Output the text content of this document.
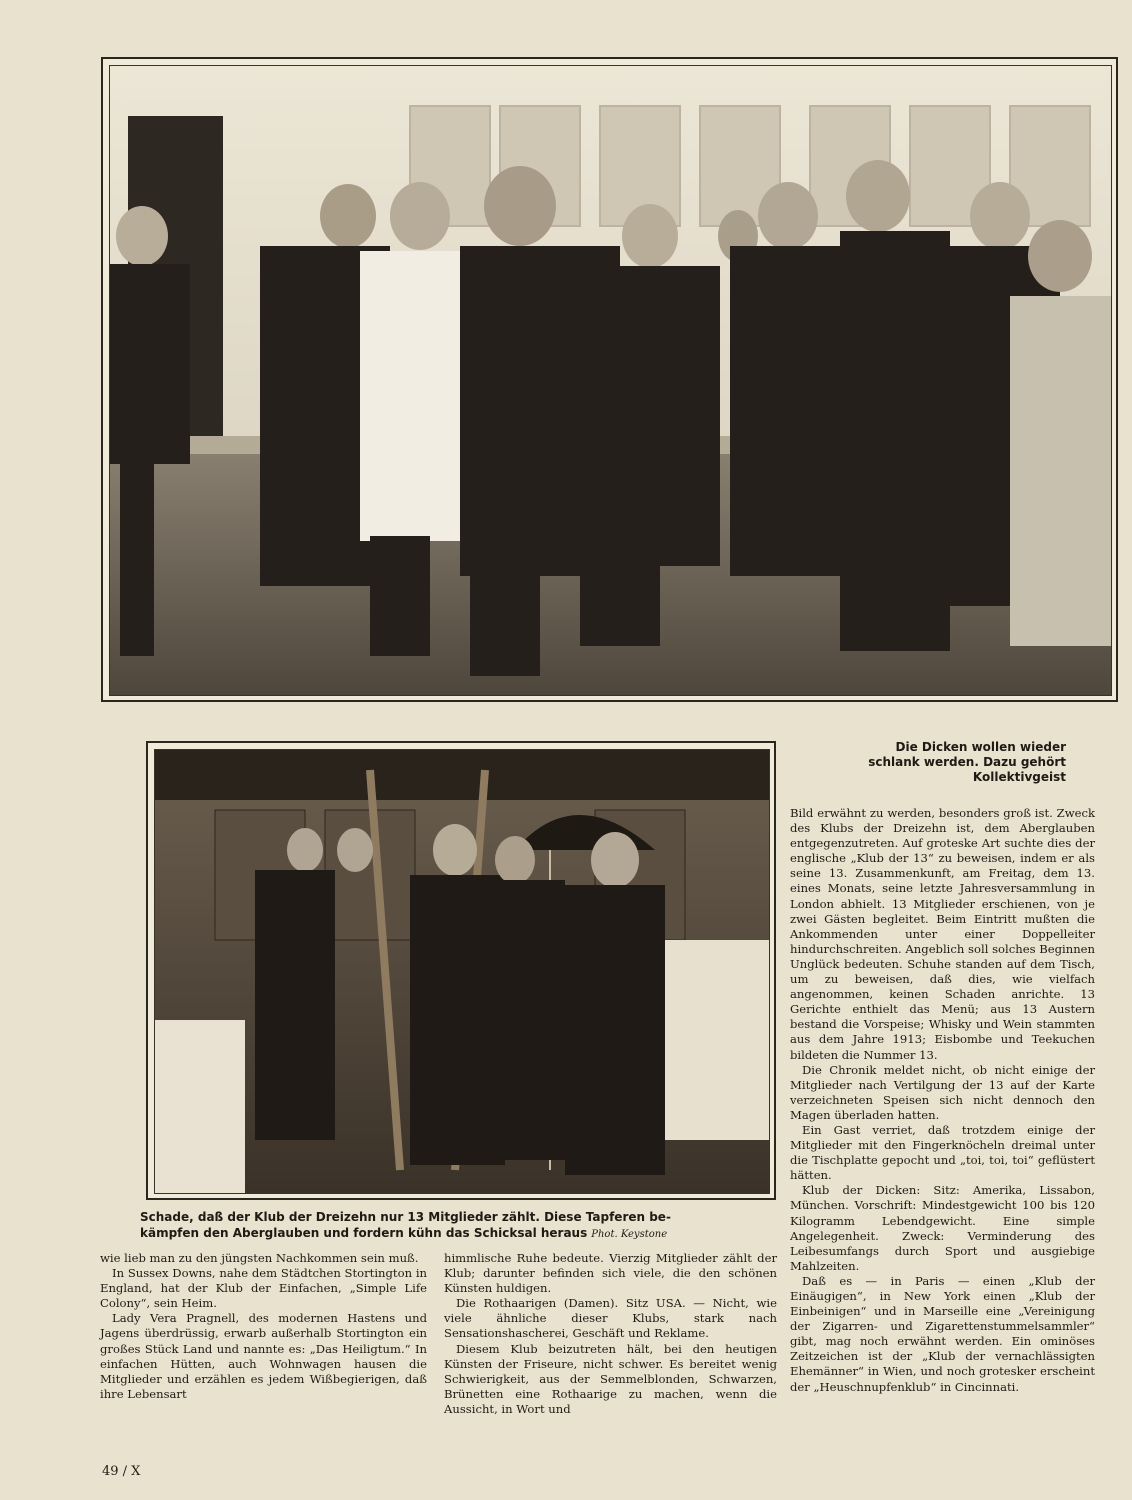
Die Dicken wollen wieder
schlank werden. Dazu gehört
Kollektivgeist

Bild erwähnt zu werden, besonders groß ist. Zweck des Klubs der Dreizehn ist, dem Aberglauben entgegenzutreten. Auf groteske Art suchte dies der englische „Klub der 13“ zu beweisen, indem er als seine 13. Zusammenkunft, am Freitag, dem 13. eines Monats, seine letzte Jahresversammlung in London abhielt. 13 Mitglieder erschienen, von je zwei Gästen begleitet. Beim Eintritt mußten die Ankommenden unter einer Doppelleiter hindurchschreiten. Angeblich soll solches Beginnen Unglück bedeuten. Schuhe standen auf dem Tisch, um zu beweisen, daß dies, wie vielfach angenommen, keinen Schaden anrichte. 13 Gerichte enthielt das Menü; aus 13 Austern bestand die Vorspeise; Whisky und Wein stammten aus dem Jahre 1913; Eisbombe und Teekuchen bildeten die Nummer 13.

Die Chronik meldet nicht, ob nicht einige der Mitglieder nach Vertilgung der 13 auf der Karte verzeichneten Speisen sich nicht dennoch den Magen überladen hatten.

Ein Gast verriet, daß trotzdem einige der Mitglieder mit den Fingerknöcheln dreimal unter die Tischplatte gepocht und „toi, toi, toi“ geflüstert hätten.

Klub der Dicken: Sitz: Amerika, Lissabon, München. Vorschrift: Mindestgewicht 100 bis 120 Kilogramm Lebendgewicht. Eine simple Angelegenheit. Zweck: Verminderung des Leibesumfangs durch Sport und ausgiebige Mahlzeiten.

Daß es — in Paris — einen „Klub der Einäugigen“, in New York einen „Klub der Einbeinigen“ und in Marseille eine „Vereinigung der Zigarren- und Zigarettenstummelsammler“ gibt, mag noch erwähnt werden. Ein ominöses Zeitzeichen ist der „Klub der vernachlässigten Ehemänner“ in Wien, und noch grotesker erscheint der „Heuschnupfenklub“ in Cincinnati.

Schade, daß der Klub der Dreizehn nur 13 Mitglieder zählt. Diese Tapferen be-
kämpfen den Aberglauben und fordern kühn das Schicksal heraus Phot. Keystone

wie lieb man zu den jüngsten Nachkommen sein muß.

In Sussex Downs, nahe dem Städtchen Stortington in England, hat der Klub der Einfachen, „Simple Life Colony“, sein Heim.

Lady Vera Pragnell, des modernen Hastens und Jagens überdrüssig, erwarb außerhalb Stortington ein großes Stück Land und nannte es: „Das Heiligtum.“ In einfachen Hütten, auch Wohnwagen hausen die Mitglieder und erzählen es jedem Wißbegierigen, daß ihre Lebensart

himmlische Ruhe bedeute. Vierzig Mitglieder zählt der Klub; darunter befinden sich viele, die den schönen Künsten huldigen.

Die Rothaarigen (Damen). Sitz USA. — Nicht, wie viele ähnliche dieser Klubs, stark nach Sensationshascherei, Geschäft und Reklame.

Diesem Klub beizutreten hält, bei den heutigen Künsten der Friseure, nicht schwer. Es bereitet wenig Schwierigkeit, aus der Semmelblonden, Schwarzen, Brünetten eine Rothaarige zu machen, wenn die Aussicht, in Wort und

49 / X
